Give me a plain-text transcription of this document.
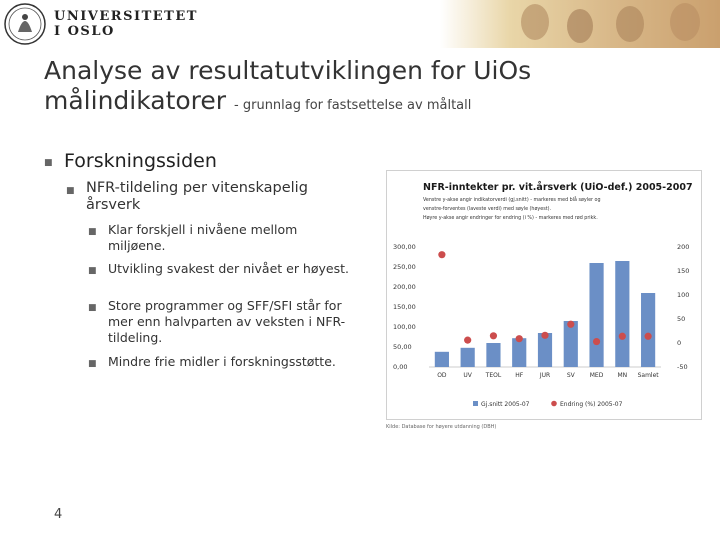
UNIVERSITETET
I OSLO
Analyse av resultatutviklingen for UiOs målindikatorer - grunnlag for fastsettelse av måltall
■ Forskningssiden
■ NFR-tildeling per vitenskapelig årsverk
■ Klar forskjell i nivåene mellom miljøene.
■ Utvikling svakest der nivået er høyest.
■ Store programmer og SFF/SFI står for mer enn halvparten av veksten i NFR-tildeling.
■ Mindre frie midler i forskningsstøtte.
NFR-inntekter pr. vit.årsverk (UiO-def.) 2005-2007
Venstre y-akse angir indikatorverdi (gj.snitt) - markeres med blå søyler og
venstre-forventes (laveste verdi) med søyle (høyest).
Høyre y-akse angir endringer for endring (i %) - markeres med rød prikk.
0,00
50,00
100,00
150,00
200,00
250,00
300,00
-50
0
50
100
150
200
OD	UV TEOL HF	JUR	SV	MED MN Samlet
Gj.snitt 2005-07	Endring (%) 2005-07
Kilde: Database for høyere utdanning (DBH)
4
